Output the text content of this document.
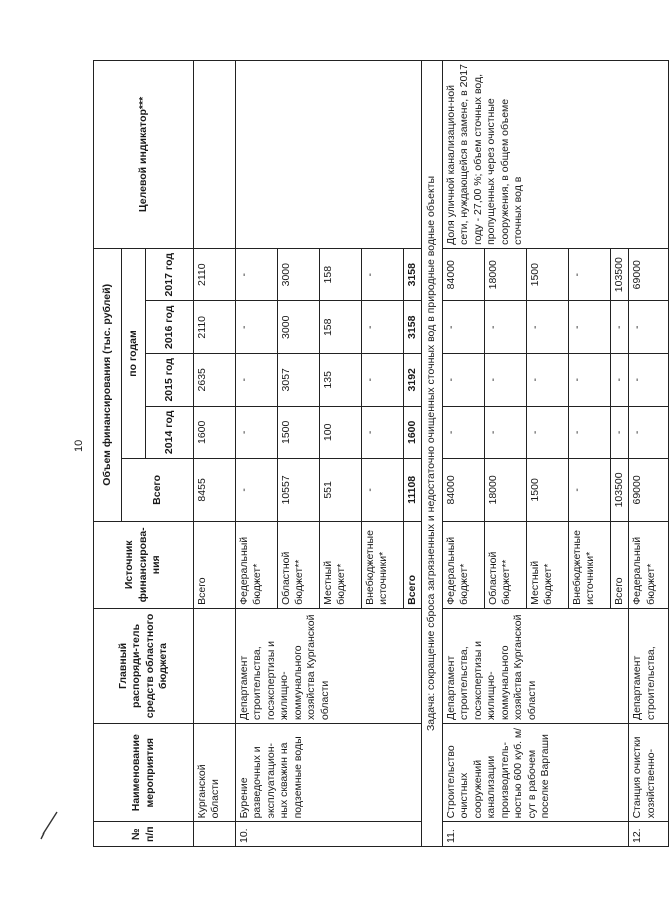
10
№ п/п	Наименование мероприятия	Главный распоряди-тель средств областного бюджета	Источник финансирова-ния	Объем финансирования (тыс. рублей)					Целевой индикатор***
				Всего	по годам				
					2014 год	2015 год	2016 год	2017 год	
	Курганской области		Всего	8455	1600	2635	2110	2110	
10.	Бурение разведочных и эксплуатацион-ных скважин на подземные воды	Департамент строительства, госэкспертизы и жилищно-коммунального хозяйства Курганской области	Федеральный бюджет*	-	-	-	-	-	
			Областной бюджет**	10557	1500	3057	3000	3000	
			Местный бюджет*	551	100	135	158	158	
			Внебюджетные источники*	-	-	-	-	-	
			Всего	11108	1600	3192	3158	3158	
Задача: сокращение сброса загрязненных и недостаточно очищенных сточных вод в природные водные объекты									
11.	Строительство очистных сооружений канализации производитель-ностью 600 куб. м/сут в рабочем поселке Варгаши	Департамент строительства, госэкспертизы и жилищно-коммунального хозяйства Курганской области	Федеральный бюджет*	84000	-	-	-	84000	Доля уличной канализацион-ной сети, нуждающейся в замене, в 2017 году - 27,00 %; объем сточных вод, пропущенных через очистные сооружения, в общем объеме сточных вод в
			Областной бюджет**	18000	-	-	-	18000	
			Местный бюджет*	1500	-	-	-	1500	
			Внебюджетные источники*	-	-	-	-	-	
			Всего	103500	-	-	-	103500	
12.	Станция очистки хозяйственно-	Департамент строительства,	Федеральный бюджет*	69000	-	-	-	69000	
